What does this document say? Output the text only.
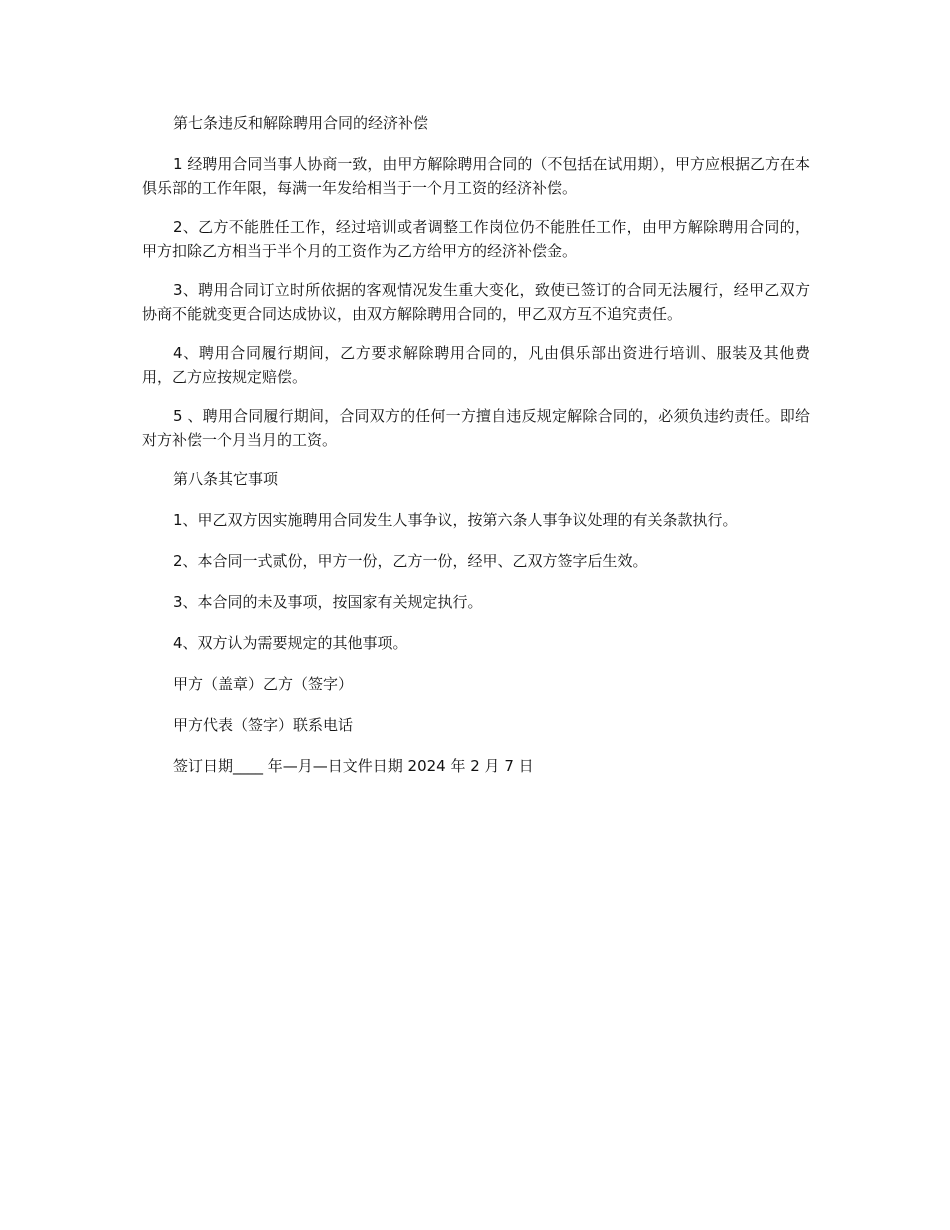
第七条违反和解除聘用合同的经济补偿

1 经聘用合同当事人协商一致，由甲方解除聘用合同的（不包括在试用期），甲方应根据乙方在本俱乐部的工作年限，每满一年发给相当于一个月工资的经济补偿。

2、乙方不能胜任工作，经过培训或者调整工作岗位仍不能胜任工作，由甲方解除聘用合同的，甲方扣除乙方相当于半个月的工资作为乙方给甲方的经济补偿金。

3、聘用合同订立时所依据的客观情况发生重大变化，致使已签订的合同无法履行，经甲乙双方协商不能就变更合同达成协议，由双方解除聘用合同的，甲乙双方互不追究责任。

4、聘用合同履行期间，乙方要求解除聘用合同的，凡由俱乐部出资进行培训、服装及其他费用，乙方应按规定赔偿。

5 、聘用合同履行期间，合同双方的任何一方擅自违反规定解除合同的，必须负违约责任。即给对方补偿一个月当月的工资。

第八条其它事项

1、甲乙双方因实施聘用合同发生人事争议，按第六条人事争议处理的有关条款执行。

2、本合同一式贰份，甲方一份，乙方一份，经甲、乙双方签字后生效。

3、本合同的未及事项，按国家有关规定执行。

4、双方认为需要规定的其他事项。

甲方（盖章）乙方（签字）

甲方代表（签字）联系电话

签订日期____ 年—月—日文件日期 2024 年 2 月 7 日
